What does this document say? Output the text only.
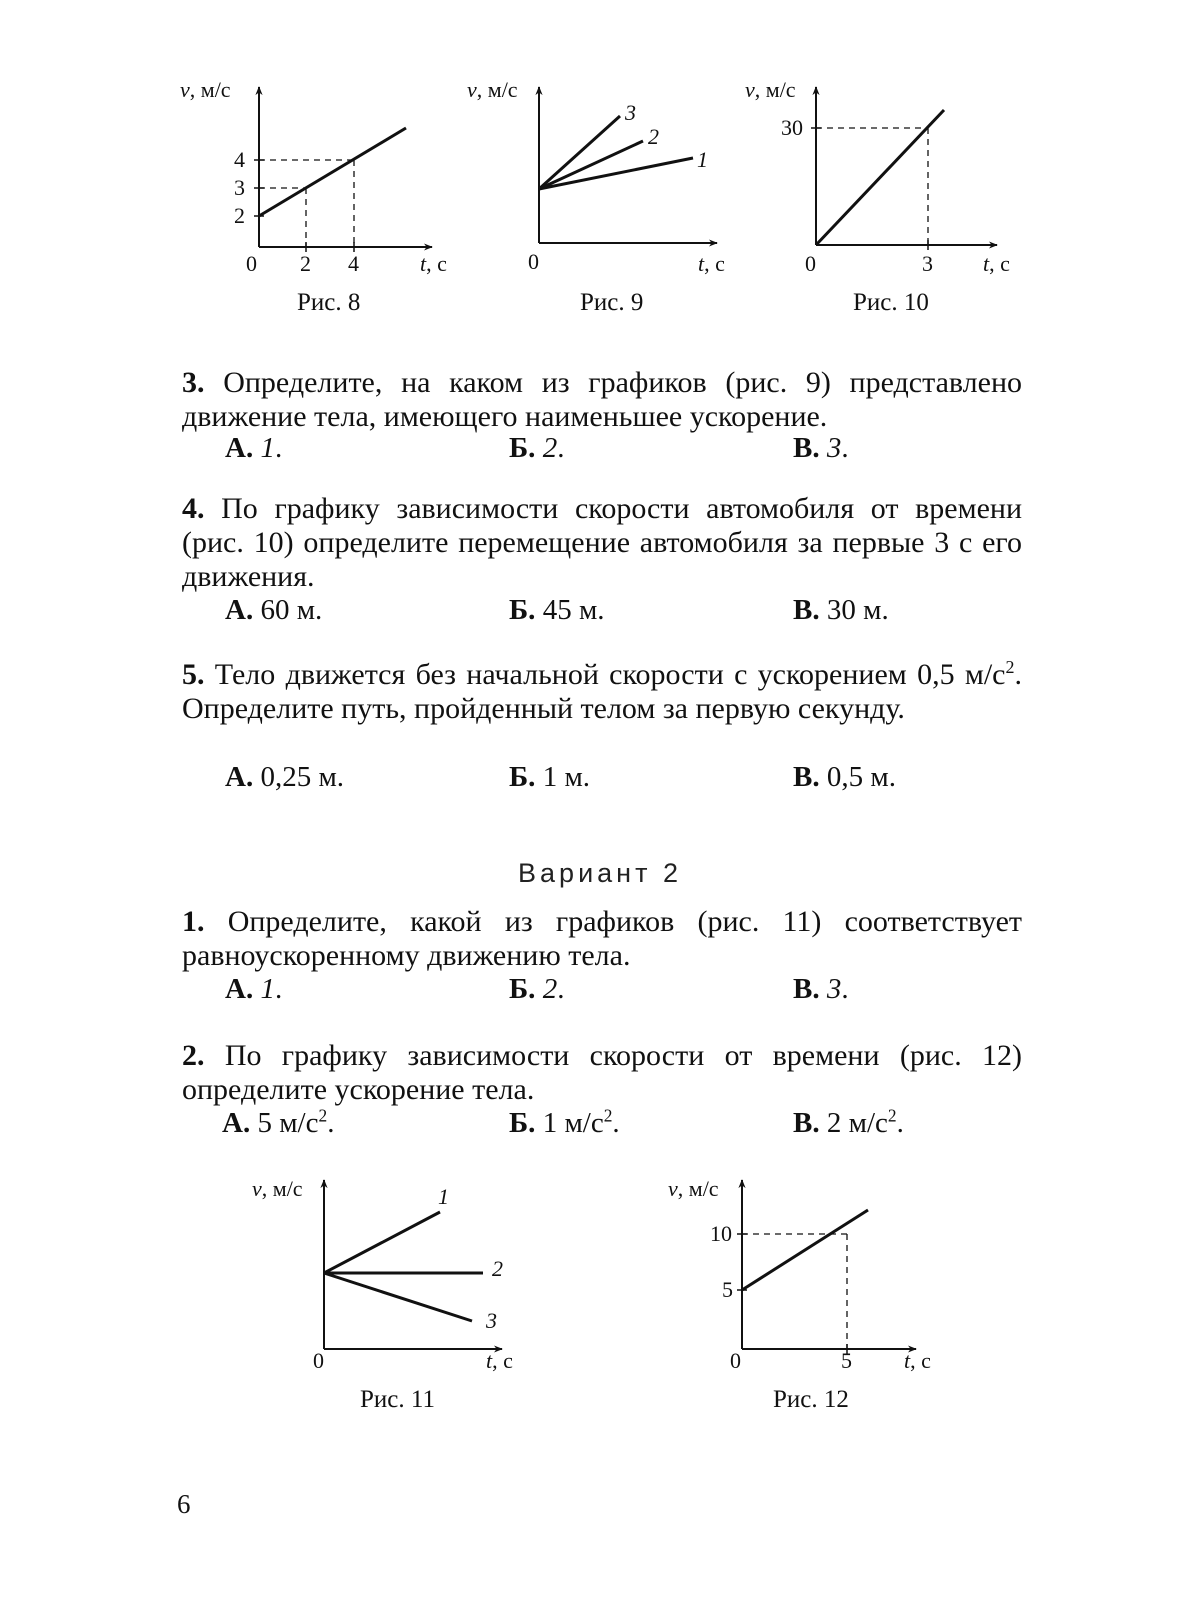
v, м/с
t, с
0
2
3
4
2 4
Рис. 8
v, м/с
t, с
0
1
2
3
Рис. 9
v, м/с
t, с
0
30
3
Рис. 10
3. Определите, на каком из графиков (рис. 9) представлено движение тела, имеющего наименьшее ускорение.
А. 1.	Б. 2.	В. 3.
4. По графику зависимости скорости автомобиля от времени (рис. 10) определите перемещение автомобиля за первые 3 с его движения.
А. 60 м.	Б. 45 м.	В. 30 м.
5. Тело движется без начальной скорости с ускорением 0,5 $м/с^2$. Определите путь, пройденный телом за первую секунду.
А. 0,25 м.	Б. 1 м.	В. 0,5 м.
Вариант 2
1. Определите, какой из графиков (рис. 11) соответствует равноускоренному движению тела.
А. 1.	Б. 2.	В. 3.
2. По графику зависимости скорости от времени (рис. 12) определите ускорение тела.
А. 5 $м/с^2$.	Б. 1 $м/с^2$.	В. 2 $м/с^2$.
v, м/с
t, с
0
1
2
3
Рис. 11
v, м/с
t, с
0
10
5
5
Рис. 12
6
